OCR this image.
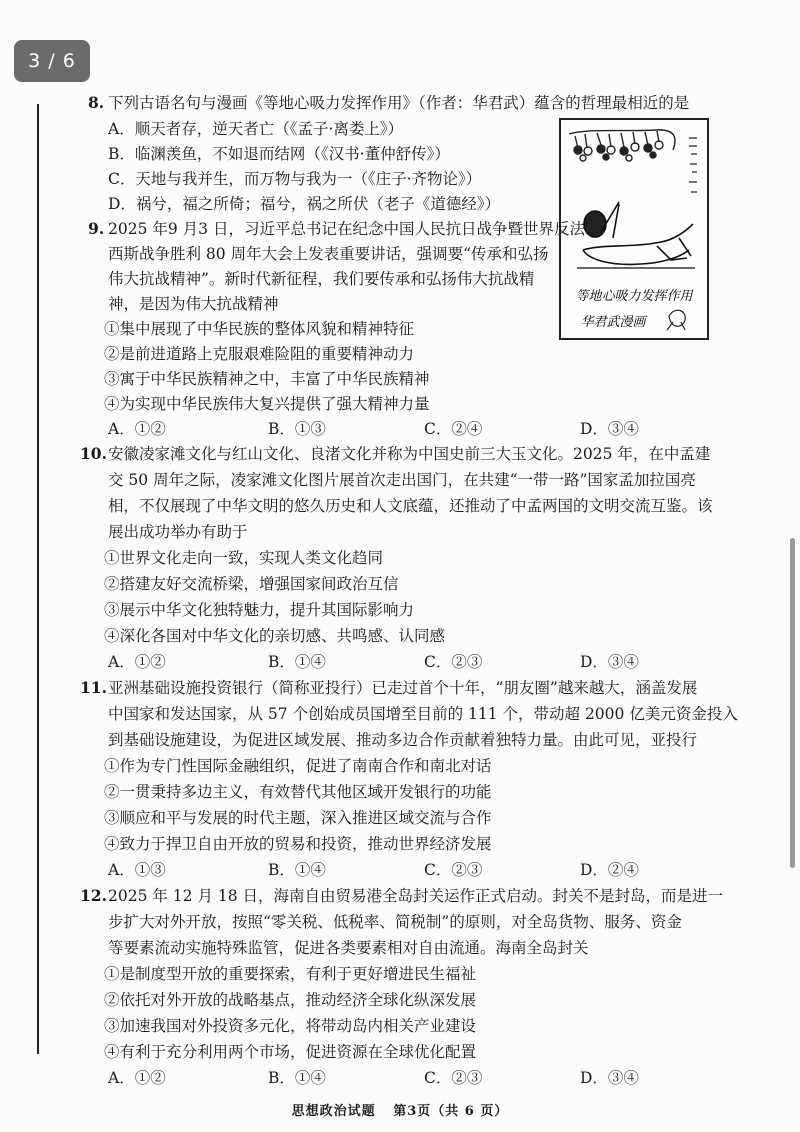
3 / 6
8. 下列古语名句与漫画《等地心吸力发挥作用》（作者：华君武）蕴含的哲理最相近的是
A．顺天者存，逆天者亡（《孟子·离娄上》）
B．临渊羡鱼，不如退而结网（《汉书·董仲舒传》）
C．天地与我并生，而万物与我为一（《庄子·齐物论》）
D．祸兮，福之所倚；福兮，祸之所伏（老子《道德经》）
等地心吸力发挥作用
华君武漫画
9. 2025 年9 月3 日，习近平总书记在纪念中国人民抗日战争暨世界反法
西斯战争胜利 80 周年大会上发表重要讲话，强调要“传承和弘扬
伟大抗战精神”。新时代新征程，我们要传承和弘扬伟大抗战精
神，是因为伟大抗战精神
①集中展现了中华民族的整体风貌和精神特征
②是前进道路上克服艰难险阻的重要精神动力
③寓于中华民族精神之中，丰富了中华民族精神
④为实现中华民族伟大复兴提供了强大精神力量
A．①②	B．①③	C．②④	D．③④
10. 安徽凌家滩文化与红山文化、良渚文化并称为中国史前三大玉文化。2025 年，在中孟建
交 50 周年之际，凌家滩文化图片展首次走出国门，在共建“一带一路”国家孟加拉国亮
相，不仅展现了中华文明的悠久历史和人文底蕴，还推动了中孟两国的文明交流互鉴。该
展出成功举办有助于
①世界文化走向一致，实现人类文化趋同
②搭建友好交流桥梁，增强国家间政治互信
③展示中华文化独特魅力，提升其国际影响力
④深化各国对中华文化的亲切感、共鸣感、认同感
A．①②	B．①④	C．②③	D．③④
11. 亚洲基础设施投资银行（简称亚投行）已走过首个十年，“朋友圈”越来越大，涵盖发展
中国家和发达国家，从 57 个创始成员国增至目前的 111 个，带动超 2000 亿美元资金投入
到基础设施建设，为促进区域发展、推动多边合作贡献着独特力量。由此可见，亚投行
①作为专门性国际金融组织，促进了南南合作和南北对话
②一贯秉持多边主义，有效替代其他区域开发银行的功能
③顺应和平与发展的时代主题，深入推进区域交流与合作
④致力于捍卫自由开放的贸易和投资，推动世界经济发展
A．①③	B．①④	C．②③	D．②④
12. 2025 年 12 月 18 日，海南自由贸易港全岛封关运作正式启动。封关不是封岛，而是进一
步扩大对外开放，按照“零关税、低税率、简税制”的原则，对全岛货物、服务、资金
等要素流动实施特殊监管，促进各类要素相对自由流通。海南全岛封关
①是制度型开放的重要探索，有利于更好增进民生福祉
②依托对外开放的战略基点，推动经济全球化纵深发展
③加速我国对外投资多元化，将带动岛内相关产业建设
④有利于充分利用两个市场，促进资源在全球优化配置
A．①②	B．①④	C．②③	D．③④
思想政治试题 第3页（共 6 页）
